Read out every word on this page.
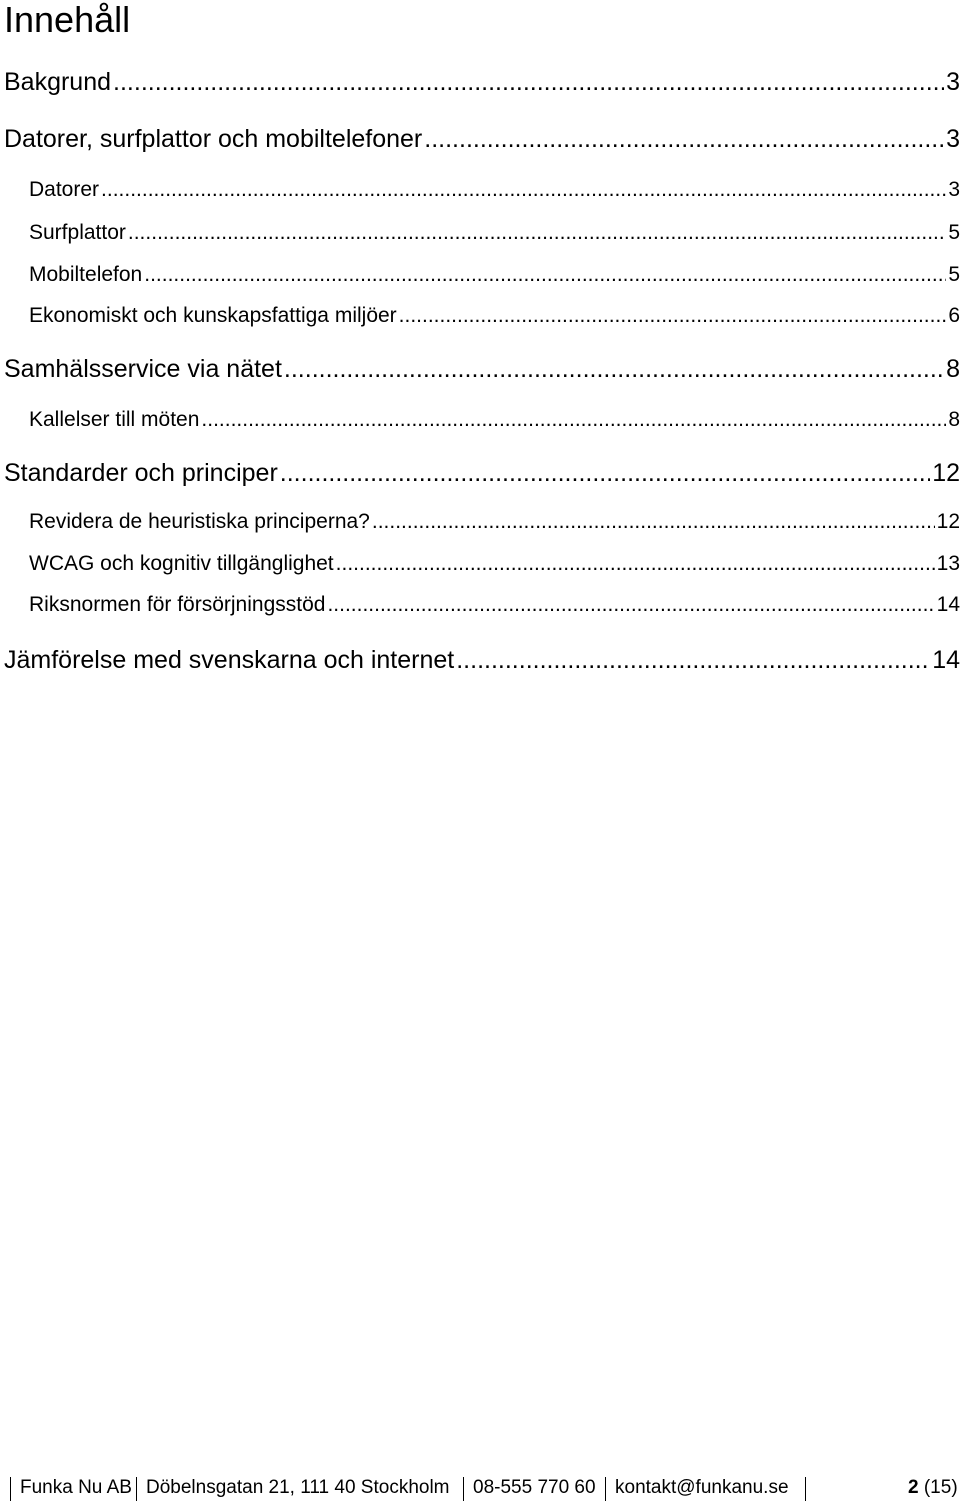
Innehåll
Bakgrund .....	3
Datorer, surfplattor och mobiltelefoner .....	3
Datorer .....	3
Surfplattor .....	5
Mobiltelefon .....	5
Ekonomiskt och kunskapsfattiga miljöer .....	6
Samhälsservice via nätet .....	8
Kallelser till möten .....	8
Standarder och principer .....	12
Revidera de heuristiska principerna? .....	12
WCAG och kognitiv tillgänglighet .....	13
Riksnormen för försörjningsstöd .....	14
Jämförelse med svenskarna och internet .....	14
Funka Nu AB Döbelnsgatan 21, 111 40 Stockholm 08-555 770 60 kontakt@funkanu.se	2 (15)
